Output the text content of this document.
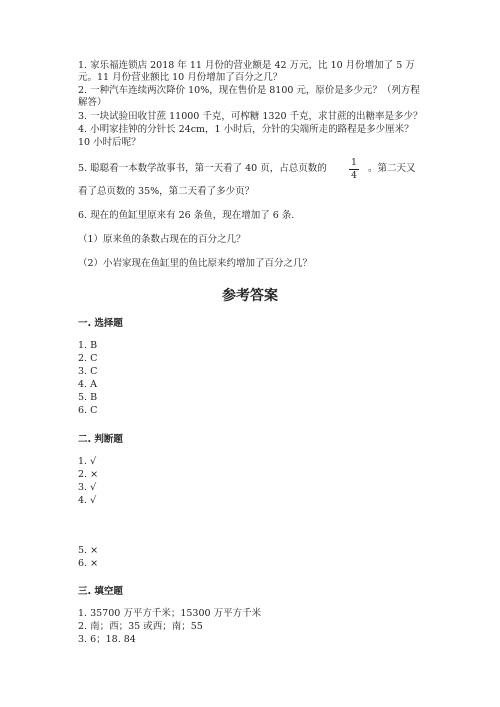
1. 家乐福连锁店 2018 年 11 月份的营业额是 42 万元，比 10 月份增加了 5 万
元。11 月份营业额比 10 月份增加了百分之几？
2. 一种汽车连续两次降价 10%，现在售价是 8100 元，原价是多少元？（列方程
解答）
3. 一块试验田收甘蔗 11000 千克，可榨糖 1320 千克，求甘蔗的出糖率是多少？
4. 小明家挂钟的分针长 24cm，1 小时后，分针的尖端所走的路程是多少厘米？
10 小时后呢？
5. 聪聪看一本数学故事书，第一天看了 40 页，占总页数的	1
4
。第二天又
看了总页数的 35%，第二天看了多少页？
6. 现在的鱼缸里原来有 26 条鱼，现在增加了 6 条.
（1）原来鱼的条数占现在的百分之几？
（2）小岩家现在鱼缸里的鱼比原来约增加了百分之几？
参考答案
一. 选择题
1. B
2. C
3. C
4. A
5. B
6. C
二. 判断题
1. √
2. ×
3. √
4. √
5. ×
6. ×
三. 填空题
1. 35700 万平方千米；15300 万平方千米
2. 南；西；35 或西；南；55
3. 6；18. 84
